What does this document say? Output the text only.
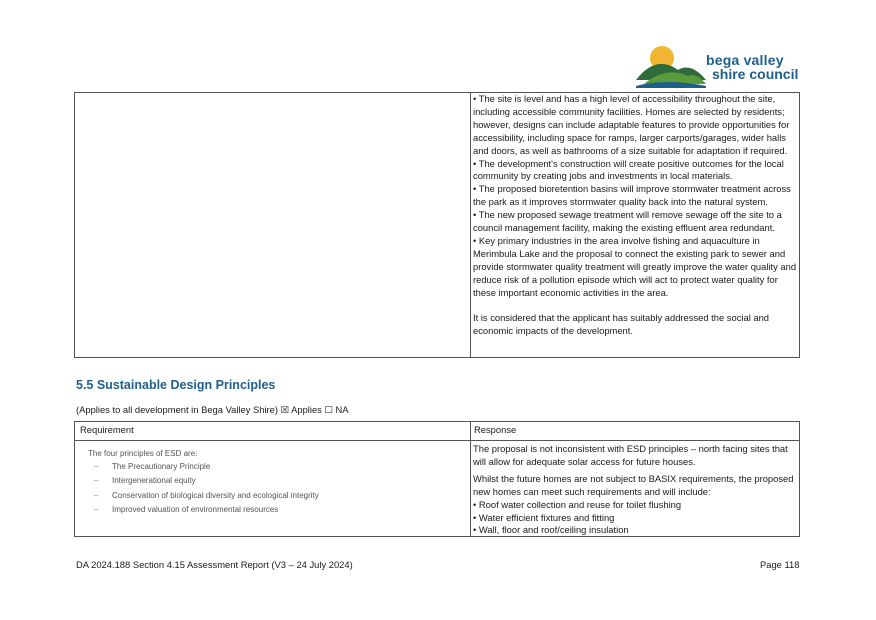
bega valley
shire council

• The site is level and has a high level of accessibility throughout the site, including accessible community facilities. Homes are selected by residents; however, designs can include adaptable features to provide opportunities for accessibility, including space for ramps, larger carports/garages, wider halls and doors, as well as bathrooms of a size suitable for adaptation if required.

• The development's construction will create positive outcomes for the local community by creating jobs and investments in local materials.

• The proposed bioretention basins will improve stormwater treatment across the park as it improves stormwater quality back into the natural system.

• The new proposed sewage treatment will remove sewage off the site to a council management facility, making the existing effluent area redundant.

• Key primary industries in the area involve fishing and aquaculture in Merimbula Lake and the proposal to connect the existing park to sewer and provide stormwater quality treatment will greatly improve the water quality and reduce risk of a pollution episode which will act to protect water quality for these important economic activities in the area.

It is considered that the applicant has suitably addressed the social and economic impacts of the development.

5.5 Sustainable Design Principles
(Applies to all development in Bega Valley Shire) ☒ Applies ☐ NA
Requirement	Response
The four principles of ESD are:
– The Precautionary Principle
– Intergenerational equity
– Conservation of biological diversity and ecological integrity
– Improved valuation of environmental resources

The proposal is not inconsistent with ESD principles – north facing sites that will allow for adequate solar access for future houses.

Whilst the future homes are not subject to BASIX requirements, the proposed new homes can meet such requirements and will include:

• Roof water collection and reuse for toilet flushing

• Water efficient fixtures and fitting

• Wall, floor and roof/ceiling insulation

DA 2024.188 Section 4.15 Assessment Report (V3 – 24 July 2024)	Page 118
